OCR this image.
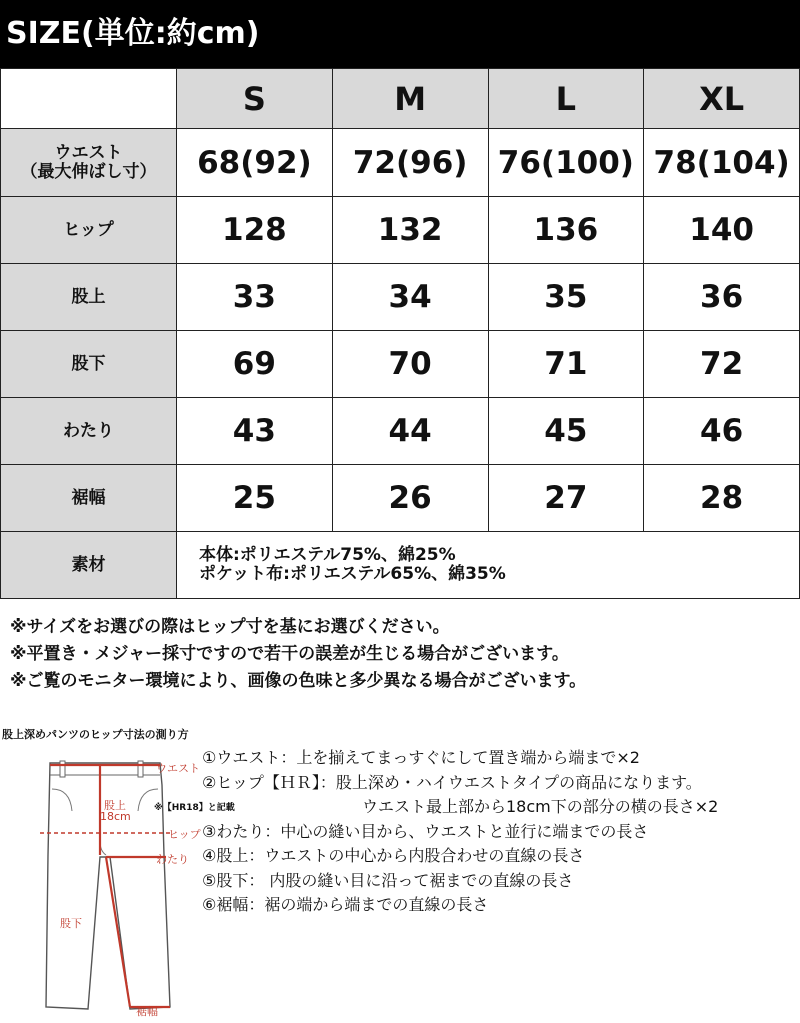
SIZE(単位:約cm)
	S	M	L	XL

ウエスト
（最大伸ばし寸）	68(92)	72(96)	76(100)	78(104)
ヒップ	128	132	136	140
股上	33	34	35	36
股下	69	70	71	72
わたり	43	44	45	46
裾幅	25	26	27	28
素材	本体:ポリエステル75%、綿25%
ポケット布:ポリエステル65%、綿35%			
※サイズをお選びの際はヒップ寸を基にお選びください。
※平置き・メジャー採寸ですので若干の誤差が生じる場合がございます。
※ご覧のモニター環境により、画像の色味と多少異なる場合がございます。
股上深めパンツのヒップ寸法の測り方
ウエスト
股上
18cm
※【HR18】と記載
ヒップ
わたり
股下
裾幅
①ウエスト：上を揃えてまっすぐにして置き端から端まで×2
②ヒップ【ＨＲ】：股上深め・ハイウエストタイプの商品になります。
ウエスト最上部から18cm下の部分の横の長さ×2
③わたり：中心の縫い目から、ウエストと並行に端までの長さ
④股上：ウエストの中心から内股合わせの直線の長さ
⑤股下： 内股の縫い目に沿って裾までの直線の長さ
⑥裾幅：裾の端から端までの直線の長さ
